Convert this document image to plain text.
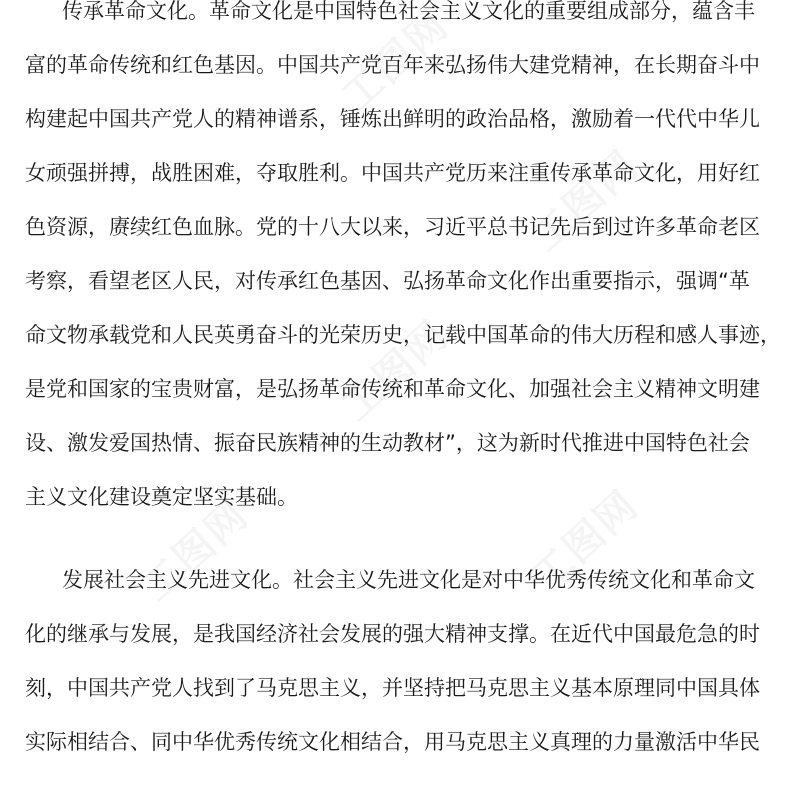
传承革命文化。革命文化是中国特色社会主义文化的重要组成部分，蕴含丰
富的革命传统和红色基因。中国共产党百年来弘扬伟大建党精神，在长期奋斗中
构建起中国共产党人的精神谱系，锤炼出鲜明的政治品格，激励着一代代中华儿
女顽强拼搏，战胜困难，夺取胜利。中国共产党历来注重传承革命文化，用好红
色资源，赓续红色血脉。党的十八大以来，习近平总书记先后到过许多革命老区
考察，看望老区人民，对传承红色基因、弘扬革命文化作出重要指示，强调“革
命文物承载党和人民英勇奋斗的光荣历史，记载中国革命的伟大历程和感人事迹，
是党和国家的宝贵财富，是弘扬革命传统和革命文化、加强社会主义精神文明建
设、激发爱国热情、振奋民族精神的生动教材”，这为新时代推进中国特色社会
主义文化建设奠定坚实基础。
发展社会主义先进文化。社会主义先进文化是对中华优秀传统文化和革命文
化的继承与发展，是我国经济社会发展的强大精神支撑。在近代中国最危急的时
刻，中国共产党人找到了马克思主义，并坚持把马克思主义基本原理同中国具体
实际相结合、同中华优秀传统文化相结合，用马克思主义真理的力量激活中华民
